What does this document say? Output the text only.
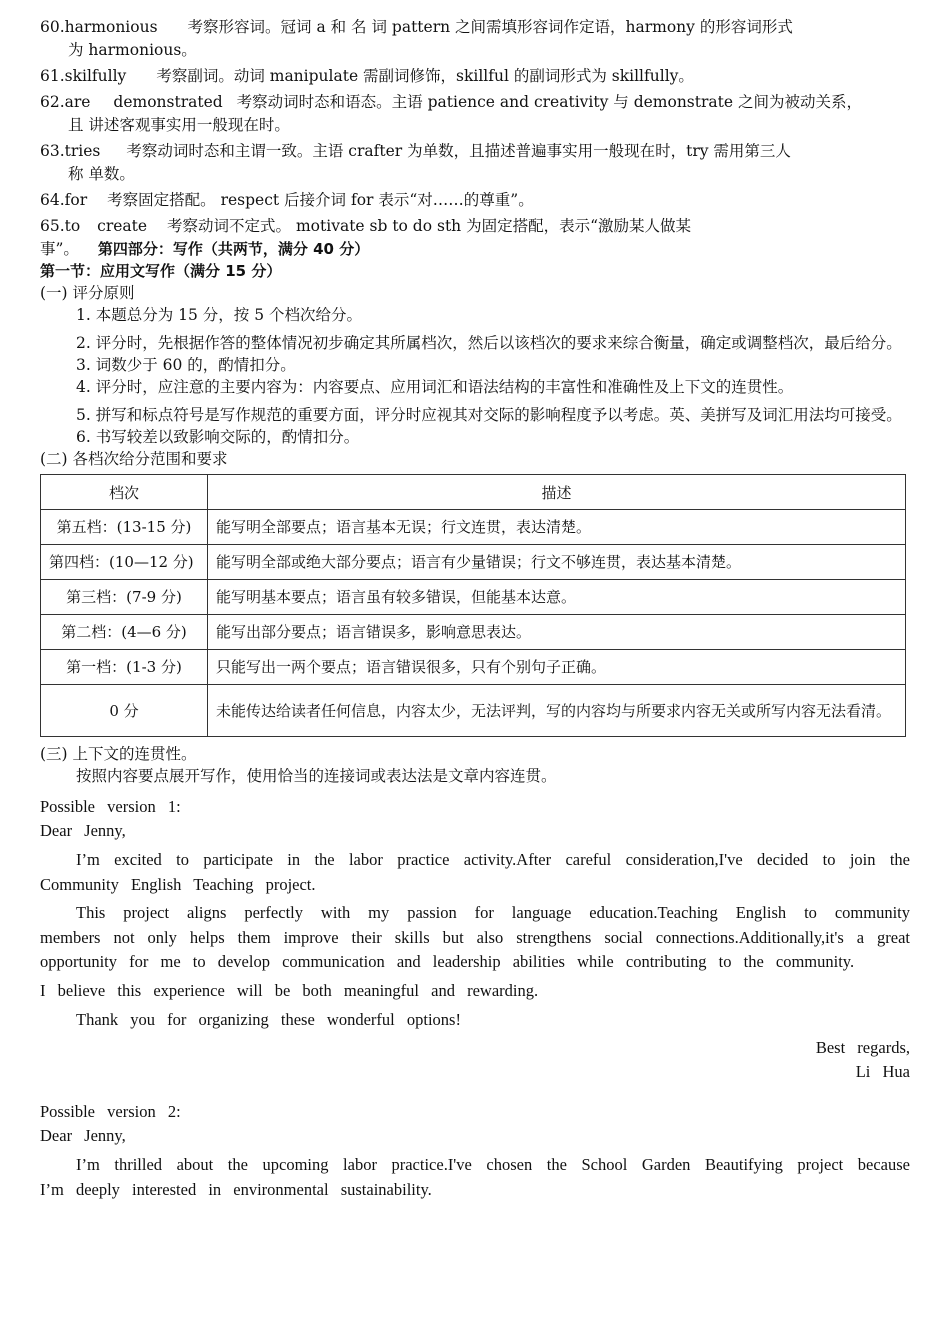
60.harmonious 考察形容词。冠词 a 和 名 词 pattern 之间需填形容词作定语，harmony 的形容词形式
为 harmonious。
61.skilfully 考察副词。动词 manipulate 需副词修饰，skillful 的副词形式为 skillfully。
62.are demonstrated 考察动词时态和语态。主语 patience and creativity 与 demonstrate 之间为被动关系，
且 讲述客观事实用一般现在时。
63.tries 考察动词时态和主谓一致。主语 crafter 为单数，且描述普遍事实用一般现在时，try 需用第三人
称 单数。
64.for 考察固定搭配。 respect 后接介词 for 表示“对……的尊重”。
65.to create 考察动词不定式。 motivate sb to do sth 为固定搭配，表示“激励某人做某
事”。 第四部分：写作（共两节，满分 40 分）
第一节：应用文写作（满分 15 分）
(一) 评分原则
1. 本题总分为 15 分，按 5 个档次给分。
2. 评分时，先根据作答的整体情况初步确定其所属档次，然后以该档次的要求来综合衡量，确定或调整档次，最后给分。
3. 词数少于 60 的，酌情扣分。
4. 评分时，应注意的主要内容为：内容要点、应用词汇和语法结构的丰富性和准确性及上下文的连贯性。
5. 拼写和标点符号是写作规范的重要方面，评分时应视其对交际的影响程度予以考虑。英、美拼写及词汇用法均可接受。
6. 书写较差以致影响交际的，酌情扣分。
(二) 各档次给分范围和要求
档次	描述
第五档：(13-15 分)	能写明全部要点；语言基本无误；行文连贯，表达清楚。
第四档：(10—12 分)	能写明全部或绝大部分要点；语言有少量错误；行文不够连贯，表达基本清楚。
第三档：(7-9 分)	能写明基本要点；语言虽有较多错误，但能基本达意。
第二档：(4—6 分)	能写出部分要点；语言错误多，影响意思表达。
第一档：(1-3 分)	只能写出一两个要点；语言错误很多，只有个别句子正确。
0 分	未能传达给读者任何信息，内容太少，无法评判，写的内容均与所要求内容无关或所写内容无法看清。
(三) 上下文的连贯性。
按照内容要点展开写作，使用恰当的连接词或表达法是文章内容连贯。
Possible version 1:
Dear Jenny,
I’m excited to participate in the labor practice activity.After careful consideration,I've decided to join the Community English Teaching project.
This project aligns perfectly with my passion for language education.Teaching English to community members not only helps them improve their skills but also strengthens social connections.Additionally,it's a great opportunity for me to develop communication and leadership abilities while contributing to the community.
I believe this experience will be both meaningful and rewarding.
Thank you for organizing these wonderful options!
Best regards,
Li Hua
Possible version 2:
Dear Jenny,
I’m thrilled about the upcoming labor practice.I've chosen the School Garden Beautifying project because I’m deeply interested in environmental sustainability.
